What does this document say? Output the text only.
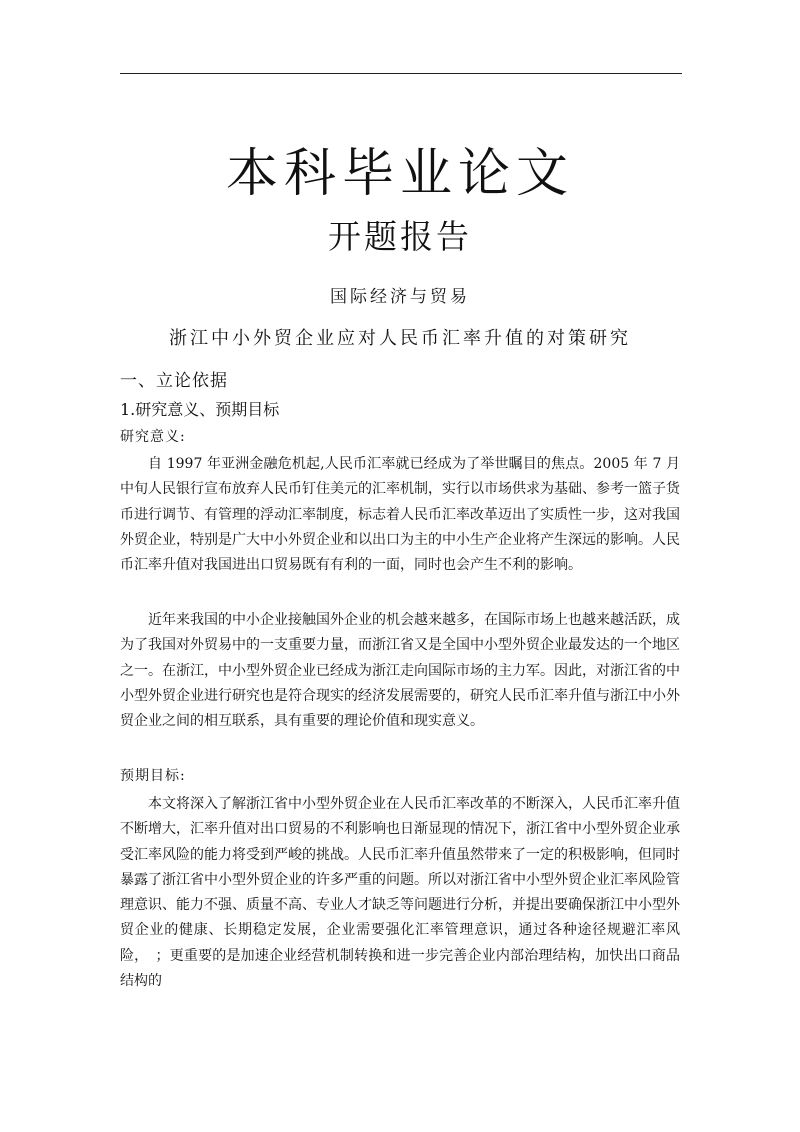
本科毕业论文
开题报告
国际经济与贸易
浙江中小外贸企业应对人民币汇率升值的对策研究
一、立论依据
1.研究意义、预期目标
研究意义:

自 1997 年亚洲金融危机起,人民币汇率就已经成为了举世瞩目的焦点。2005 年 7 月中旬人民银行宣布放弃人民币钉住美元的汇率机制，实行以市场供求为基础、参考一篮子货币进行调节、有管理的浮动汇率制度，标志着人民币汇率改革迈出了实质性一步，这对我国外贸企业，特别是广大中小外贸企业和以出口为主的中小生产企业将产生深远的影响。人民币汇率升值对我国进出口贸易既有有利的一面，同时也会产生不利的影响。

近年来我国的中小企业接触国外企业的机会越来越多，在国际市场上也越来越活跃，成为了我国对外贸易中的一支重要力量，而浙江省又是全国中小型外贸企业最发达的一个地区之一。在浙江，中小型外贸企业已经成为浙江走向国际市场的主力军。因此，对浙江省的中小型外贸企业进行研究也是符合现实的经济发展需要的，研究人民币汇率升值与浙江中小外贸企业之间的相互联系，具有重要的理论价值和现实意义。

预期目标:

本文将深入了解浙江省中小型外贸企业在人民币汇率改革的不断深入，人民币汇率升值不断增大，汇率升值对出口贸易的不利影响也日渐显现的情况下，浙江省中小型外贸企业承受汇率风险的能力将受到严峻的挑战。人民币汇率升值虽然带来了一定的积极影响，但同时暴露了浙江省中小型外贸企业的许多严重的问题。所以对浙江省中小型外贸企业汇率风险管理意识、能力不强、质量不高、专业人才缺乏等问题进行分析，并提出要确保浙江中小型外贸企业的健康、长期稳定发展，企业需要强化汇率管理意识，通过各种途径规避汇率风险，　；更重要的是加速企业经营机制转换和进一步完善企业内部治理结构，加快出口商品结构的
